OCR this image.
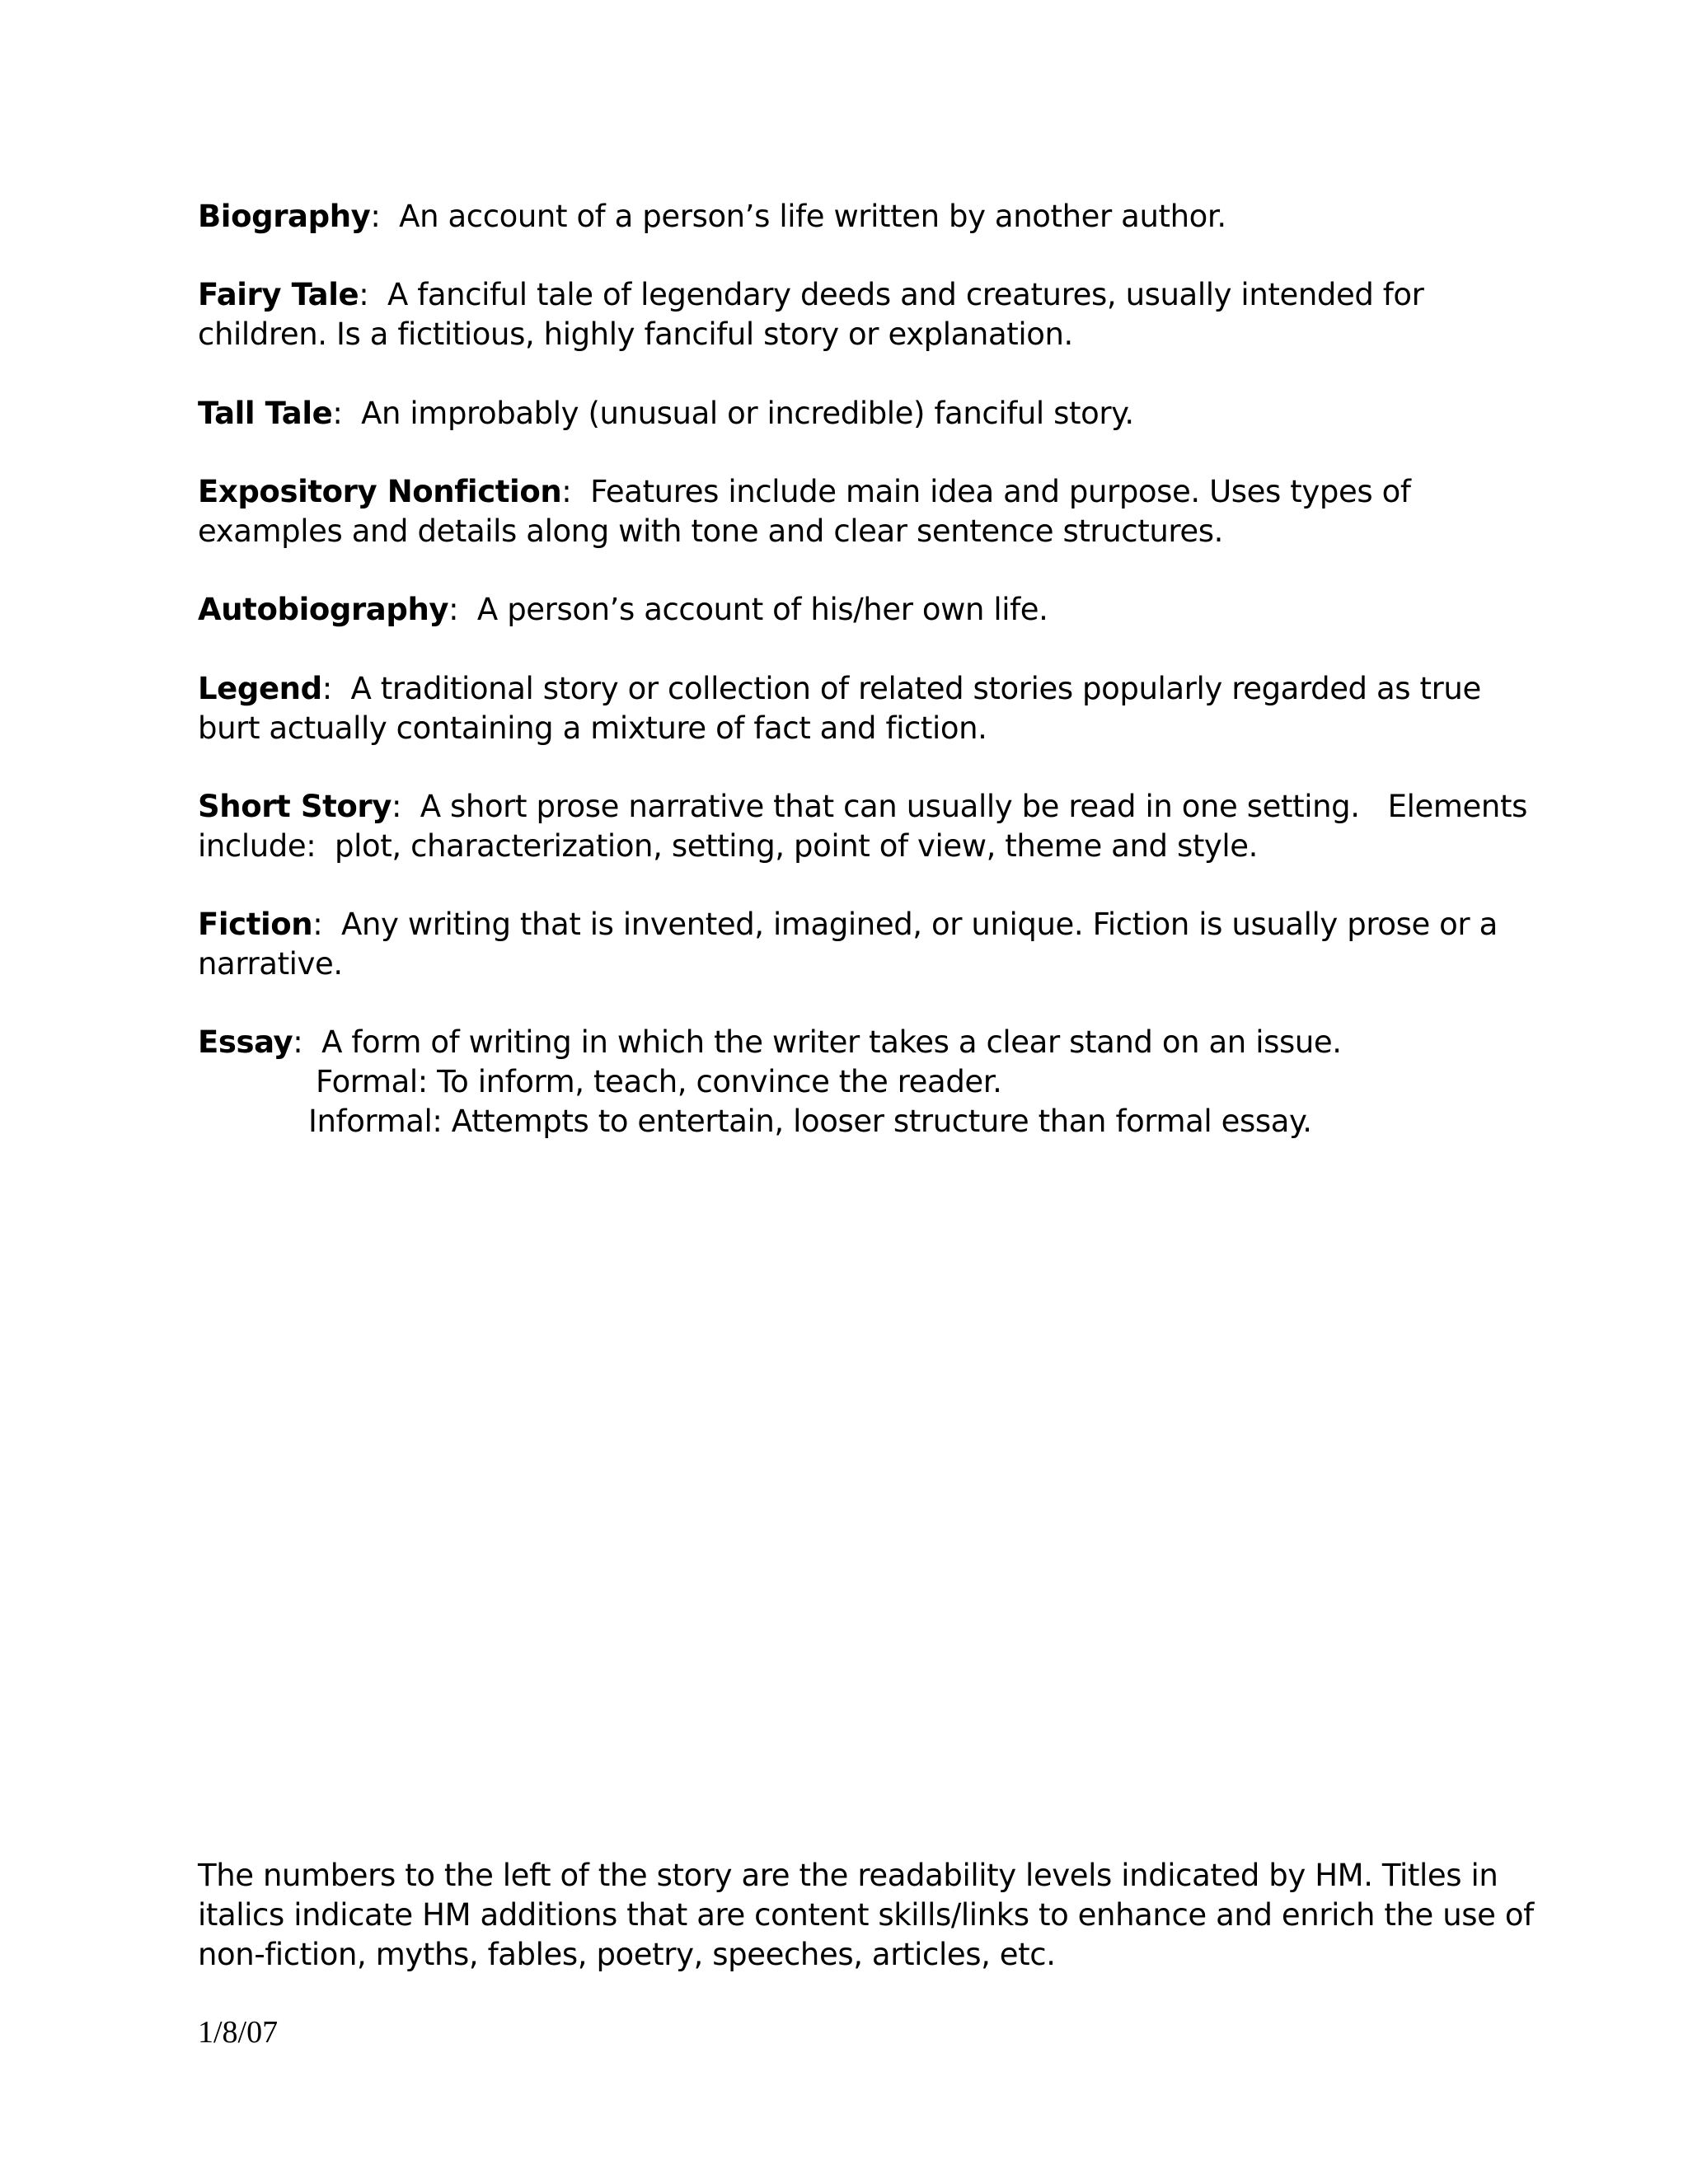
Biography:  An account of a person’s life written by another author.
Fairy Tale:  A fanciful tale of legendary deeds and creatures, usually intended for children. Is a fictitious, highly fanciful story or explanation.
Tall Tale:  An improbably (unusual or incredible) fanciful story.
Expository Nonfiction:  Features include main idea and purpose. Uses types of examples and details along with tone and clear sentence structures.
Autobiography:  A person’s account of his/her own life.
Legend:  A traditional story or collection of related stories popularly regarded as true burt actually containing a mixture of fact and fiction.
Short Story:  A short prose narrative that can usually be read in one setting.   Elements include:  plot, characterization, setting, point of view, theme and style.
Fiction:  Any writing that is invented, imagined, or unique. Fiction is usually prose or a narrative.
Essay:  A form of writing in which the writer takes a clear stand on an issue.
Formal: To inform, teach, convince the reader.
Informal: Attempts to entertain, looser structure than formal essay.
The numbers to the left of the story are the readability levels indicated by HM. Titles in italics indicate HM additions that are content skills/links to enhance and enrich the use of non-fiction, myths, fables, poetry, speeches, articles, etc.
1/8/07
